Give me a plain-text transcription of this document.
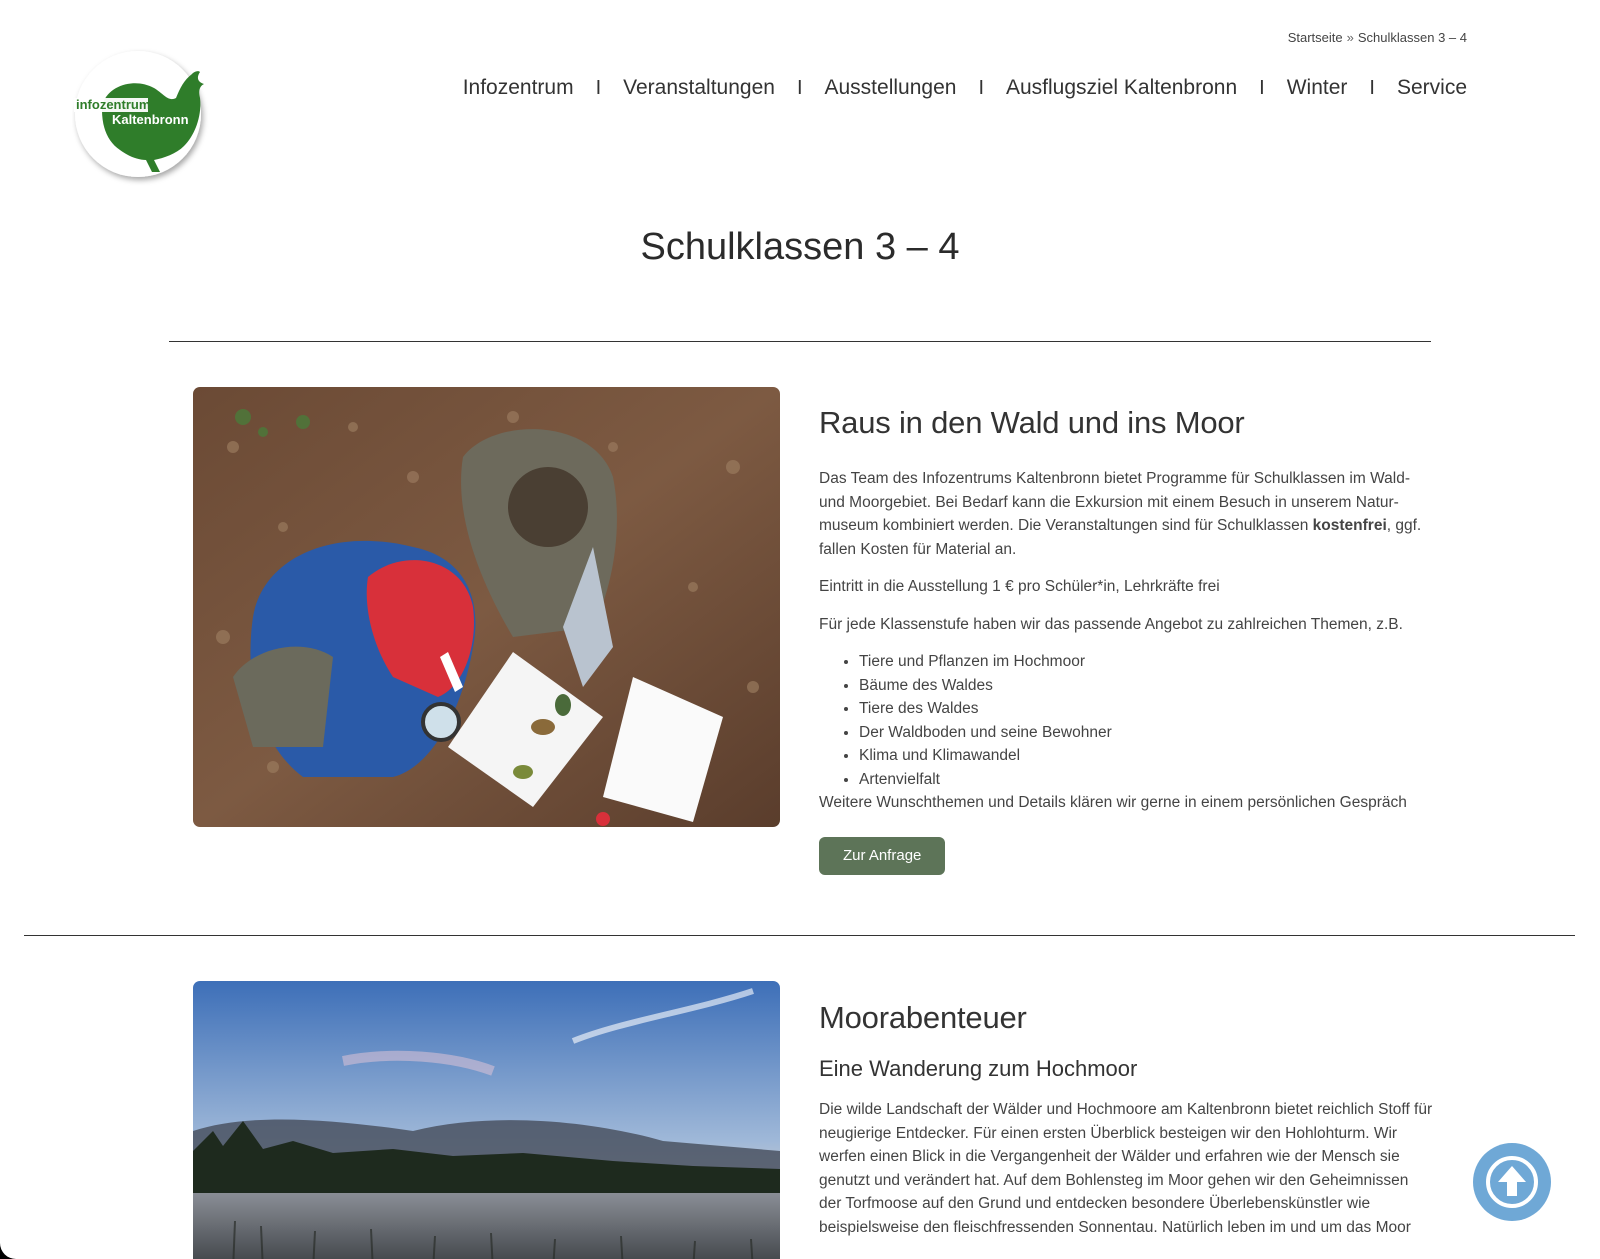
Startseite » Schulklassen 3 – 4
infozentrum
Kaltenbronn
Infozentrum I Veranstaltungen I Ausstellungen I Ausflugsziel Kaltenbronn I Winter I Service
Schulklassen 3 – 4
Raus in den Wald und ins Moor

Das Team des Infozentrums Kaltenbronn bietet Programme für Schulklassen im Wald- und Moorgebiet. Bei Bedarf kann die Exkursion mit einem Besuch in unserem Naturmuseum kombiniert werden. Die Veranstaltungen sind für Schulklassen kostenfrei, ggf. fallen Kosten für Material an.

Eintritt in die Ausstellung 1 € pro Schüler*in, Lehrkräfte frei

Für jede Klassenstufe haben wir das passende Angebot zu zahlreichen Themen, z.B.

• Tiere und Pflanzen im Hochmoor
• Bäume des Waldes
• Tiere des Waldes
• Der Waldboden und seine Bewohner
• Klima und Klimawandel
• Artenvielfalt

Weitere Wunschthemen und Details klären wir gerne in einem persönlichen Gespräch

Zur Anfrage
Moorabenteuer
Eine Wanderung zum Hochmoor

Die wilde Landschaft der Wälder und Hochmoore am Kaltenbronn bietet reichlich Stoff für neugierige Entdecker. Für einen ersten Überblick besteigen wir den Hohlohturm. Wir werfen einen Blick in die Vergangenheit der Wälder und erfahren wie der Mensch sie genutzt und verändert hat. Auf dem Bohlensteg im Moor gehen wir den Geheimnissen der Torfmoose auf den Grund und entdecken besondere Überlebenskünstler wie beispielsweise den fleischfressenden Sonnentau. Natürlich leben im und um das Moor
